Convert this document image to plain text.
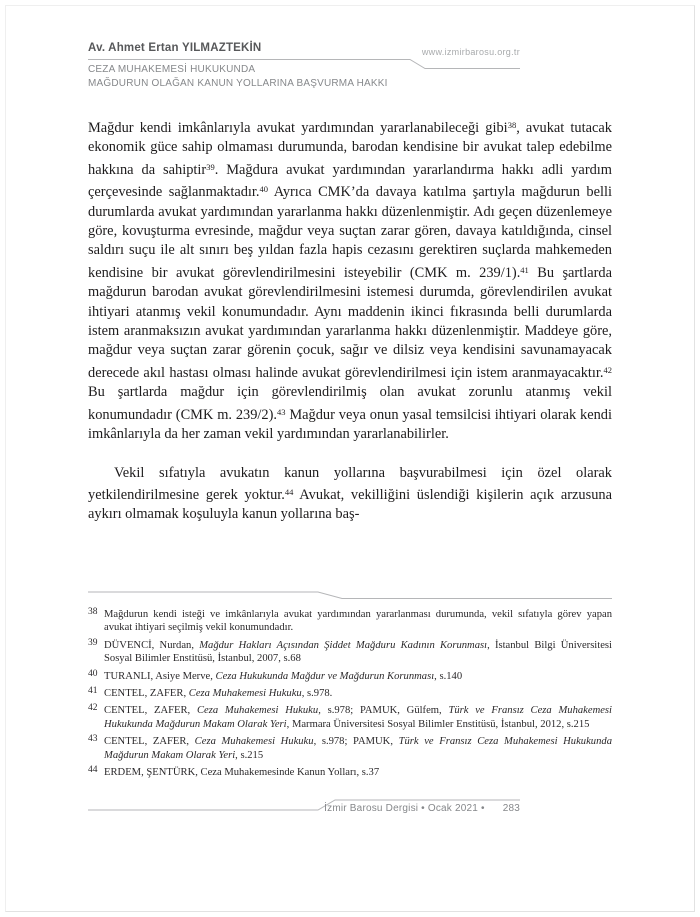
Av. Ahmet Ertan YILMAZTEKİN	www.izmirbarosu.org.tr
CEZA MUHAKEMESİ HUKUKUNDA
MAĞDURUN OLAĞAN KANUN YOLLARINA BAŞVURMA HAKKI

Mağdur kendi imkânlarıyla avukat yardımından yararlanabileceği gibi$^{38}$, avukat tutacak ekonomik güce sahip olmaması durumunda, barodan kendisine bir avukat talep edebilme hakkına da sahiptir$^{39}$. Mağdura avukat yardımından yararlandırma hakkı adli yardım çerçevesinde sağlanmaktadır.$^{40}$ Ayrıca CMK’da davaya katılma şartıyla mağdurun belli durumlarda avukat yardımından yararlanma hakkı düzenlenmiştir. Adı geçen düzenlemeye göre, kovuşturma evresinde, mağdur veya suçtan zarar gören, davaya katıldığında, cinsel saldırı suçu ile alt sınırı beş yıldan fazla hapis cezasını gerektiren suçlarda mahkemeden kendisine bir avukat görevlendirilmesini isteyebilir (CMK m. 239/1).$^{41}$ Bu şartlarda mağdurun barodan avukat görevlendirilmesini istemesi durumda, görevlendirilen avukat ihtiyari atanmış vekil konumundadır. Aynı maddenin ikinci fıkrasında belli durumlarda istem aranmaksızın avukat yardımından yararlanma hakkı düzenlenmiştir. Maddeye göre, mağdur veya suçtan zarar görenin çocuk, sağır ve dilsiz veya kendisini savunamayacak derecede akıl hastası olması halinde avukat görevlendirilmesi için istem aranmayacaktır.$^{42}$ Bu şartlarda mağdur için görevlendirilmiş olan avukat zorunlu atanmış vekil konumundadır (CMK m. 239/2).$^{43}$ Mağdur veya onun yasal temsilcisi ihtiyari olarak kendi imkânlarıyla da her zaman vekil yardımından yararlanabilirler.

Vekil sıfatıyla avukatın kanun yollarına başvurabilmesi için özel olarak yetkilendirilmesine gerek yoktur.$^{44}$ Avukat, vekilliğini üslendiği kişilerin açık arzusuna aykırı olmamak koşuluyla kanun yollarına baş-

38 Mağdurun kendi isteği ve imkânlarıyla avukat yardımından yararlanması durumunda, vekil sıfatıyla görev yapan avukat ihtiyari seçilmiş vekil konumundadır.
39 DÜVENCİ, Nurdan, Mağdur Hakları Açısından Şiddet Mağduru Kadının Korunması, İstanbul Bilgi Üniversitesi Sosyal Bilimler Enstitüsü, İstanbul, 2007, s.68
40 TURANLI, Asiye Merve, Ceza Hukukunda Mağdur ve Mağdurun Korunması, s.140
41 CENTEL, ZAFER, Ceza Muhakemesi Hukuku, s.978.
42 CENTEL, ZAFER, Ceza Muhakemesi Hukuku, s.978; PAMUK, Gülfem, Türk ve Fransız Ceza Muhakemesi Hukukunda Mağdurun Makam Olarak Yeri, Marmara Üniversitesi Sosyal Bilimler Enstitüsü, İstanbul, 2012, s.215
43 CENTEL, ZAFER, Ceza Muhakemesi Hukuku, s.978; PAMUK, Türk ve Fransız Ceza Muhakemesi Hukukunda Mağdurun Makam Olarak Yeri, s.215
44 ERDEM, ŞENTÜRK, Ceza Muhakemesinde Kanun Yolları, s.37
İzmir Barosu Dergisi • Ocak 2021 • 283
